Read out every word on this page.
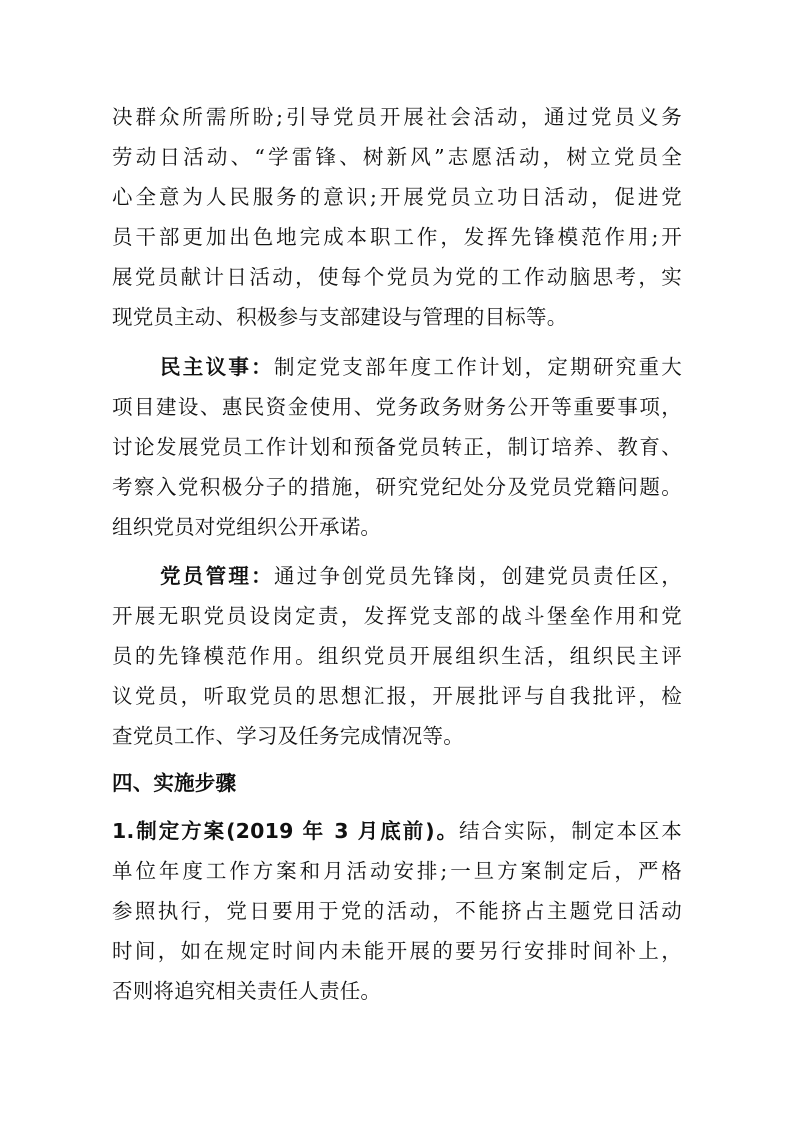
决群众所需所盼;引导党员开展社会活动，通过党员义务
劳动日活动、“学雷锋、树新风”志愿活动，树立党员全
心全意为人民服务的意识;开展党员立功日活动，促进党
员干部更加出色地完成本职工作，发挥先锋模范作用;开
展党员献计日活动，使每个党员为党的工作动脑思考，实
现党员主动、积极参与支部建设与管理的目标等。
民主议事：制定党支部年度工作计划，定期研究重大
项目建设、惠民资金使用、党务政务财务公开等重要事项，
讨论发展党员工作计划和预备党员转正，制订培养、教育、
考察入党积极分子的措施，研究党纪处分及党员党籍问题。
组织党员对党组织公开承诺。
党员管理：通过争创党员先锋岗，创建党员责任区，
开展无职党员设岗定责，发挥党支部的战斗堡垒作用和党
员的先锋模范作用。组织党员开展组织生活，组织民主评
议党员，听取党员的思想汇报，开展批评与自我批评，检
查党员工作、学习及任务完成情况等。
四、实施步骤
1.制定方案(2019 年 3 月底前)。结合实际，制定本区本
单位年度工作方案和月活动安排;一旦方案制定后，严格
参照执行，党日要用于党的活动，不能挤占主题党日活动
时间，如在规定时间内未能开展的要另行安排时间补上，
否则将追究相关责任人责任。
